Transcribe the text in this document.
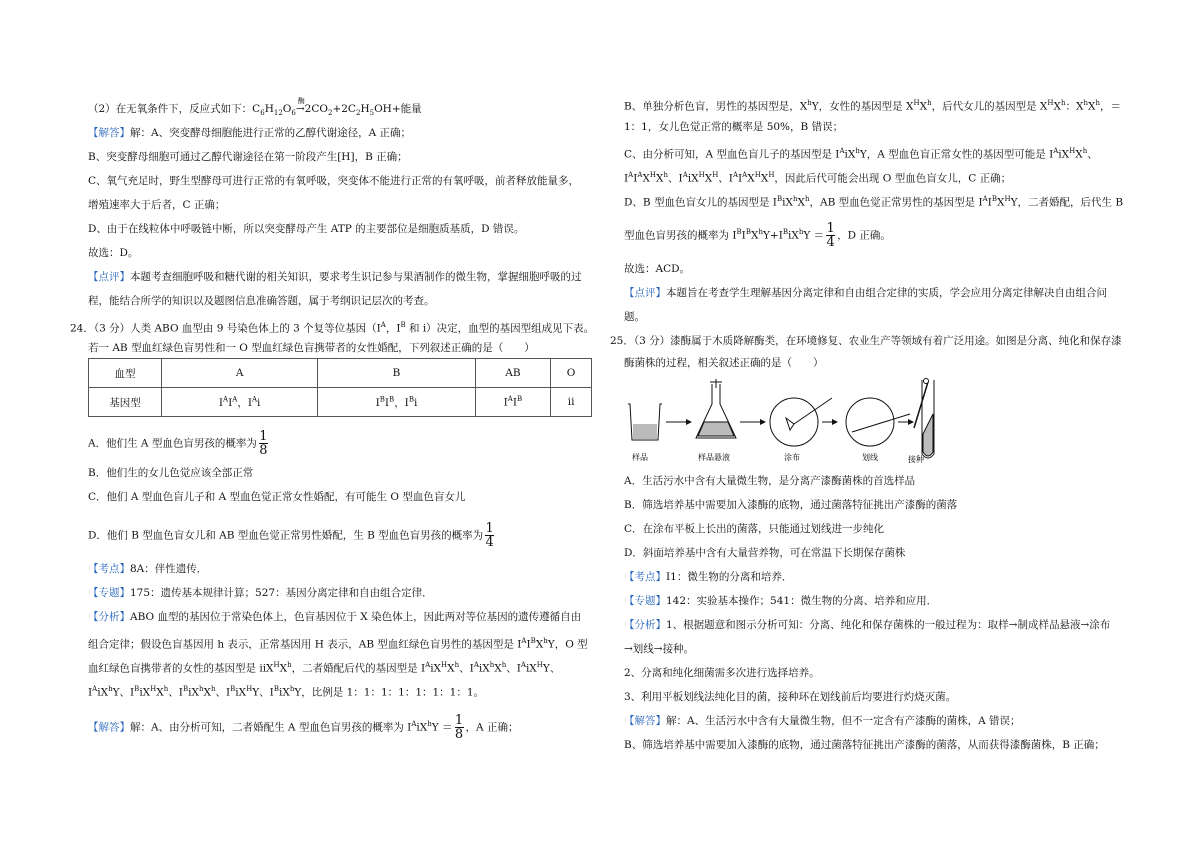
（2）在无氧条件下，反应式如下：$C_6H_{12}O_6$
酶
$\to 2CO_2+2C_2H_5OH+$能量
【解答】解：A、突变酵母细胞能进行正常的乙醇代谢途径，A 正确；
B、突变酵母细胞可通过乙醇代谢途径在第一阶段产生[H]，B 正确；
C、氧气充足时，野生型酵母可进行正常的有氧呼吸，突变体不能进行正常的有氧呼吸，前者释放能量多，
增殖速率大于后者，C 正确；
D、由于在线粒体中呼吸链中断，所以突变酵母产生 ATP 的主要部位是细胞质基质，D 错误。
故选：D。
【点评】本题考查细胞呼吸和糖代谢的相关知识，要求考生识记参与果酒制作的微生物，掌握细胞呼吸的过
程，能结合所学的知识以及题图信息准确答题，属于考纲识记层次的考查。
24．（3 分）人类 ABO 血型由 9 号染色体上的 3 个复等位基因（$I^A$，$I^B$ 和 i）决定，血型的基因型组成见下表。
若一 AB 型血红绿色盲男性和一 O 型血红绿色盲携带者的女性婚配，下列叙述正确的是（　　）
血型	A	B	AB	O
基因型	$I^AI^A$，$I^Ai$	$I^BI^B$，$I^Bi$	$I^AI^B$	ii
A．他们生 A 型血色盲男孩的概率为 $\frac{1}{8}$
B．他们生的女儿色觉应该全部正常
C．他们 A 型血色盲儿子和 A 型血色觉正常女性婚配，有可能生 O 型血色盲女儿
D．他们 B 型血色盲女儿和 AB 型血色觉正常男性婚配，生 B 型血色盲男孩的概率为 $\frac{1}{4}$
【考点】8A：伴性遗传．
【专题】175：遗传基本规律计算；527：基因分离定律和自由组合定律．
【分析】ABO 血型的基因位于常染色体上，色盲基因位于 X 染色体上，因此两对等位基因的遗传遵循自由
组合定律；假设色盲基因用 h 表示，正常基因用 H 表示，AB 型血红绿色盲男性的基因型是 $I^AI^BX^hY$，O 型
血红绿色盲携带者的女性的基因型是 $iiX^HX^h$，二者婚配后代的基因型是 $I^AiX^HX^h$、$I^AiX^hX^h$、$I^AiX^HY$、
$I^AiX^hY$、$I^BiX^HX^h$、$I^BiX^hX^h$、$I^BiX^HY$、$I^BiX^hY$，比例是 1：1：1：1：1：1：1：1。
【解答】解：A、由分析可知，二者婚配生 A 型血色盲男孩的概率为 $I^AiX^hY = \frac{1}{8}$ ，A 正确；
B、单独分析色盲，男性的基因型是，$X^hY$，女性的基因型是 $X^HX^h$，后代女儿的基因型是 $X^HX^h$：$X^hX^h$，＝
1：1，女儿色觉正常的概率是 50%，B 错误；
C、由分析可知，A 型血色盲儿子的基因型是 $I^AiX^hY$，A 型血色盲正常女性的基因型可能是 $I^AiX^HX^h$、
$I^AI^AX^HX^h$、$I^AiX^HX^H$、$I^AI^AX^HX^H$，因此后代可能会出现 O 型血色盲女儿，C 正确；
D、B 型血色盲女儿的基因型是 $I^BiX^hX^h$，AB 型血色觉正常男性的基因型是 $I^AI^BX^HY$，二者婚配，后代生 B
型血色盲男孩的概率为 $I^BI^BX^hY+I^BiX^hY = \frac{1}{4}$ ，D 正确。
故选：ACD。
【点评】本题旨在考查学生理解基因分离定律和自由组合定律的实质，学会应用分离定律解决自由组合问
题。
25．（3 分）漆酶属于木质降解酶类，在环境修复、农业生产等领域有着广泛用途。如图是分离、纯化和保存漆
酶菌株的过程，相关叙述正确的是（　　）
样品	样品悬液	涂布	划线	接种
A．生活污水中含有大量微生物，是分离产漆酶菌株的首选样品
B．筛选培养基中需要加入漆酶的底物，通过菌落特征挑出产漆酶的菌落
C．在涂布平板上长出的菌落，只能通过划线进一步纯化
D．斜面培养基中含有大量营养物，可在常温下长期保存菌株
【考点】I1：微生物的分离和培养．
【专题】142：实验基本操作；541：微生物的分离、培养和应用．
【分析】1、根据题意和图示分析可知：分离、纯化和保存菌株的一般过程为：取样→制成样品悬液→涂布
→划线→接种。
2、分离和纯化细菌需多次进行选择培养。
3、利用平板划线法纯化目的菌，接种环在划线前后均要进行灼烧灭菌。
【解答】解：A、生活污水中含有大量微生物，但不一定含有产漆酶的菌株，A 错误；
B、筛选培养基中需要加入漆酶的底物，通过菌落特征挑出产漆酶的菌落，从而获得漆酶菌株，B 正确；
